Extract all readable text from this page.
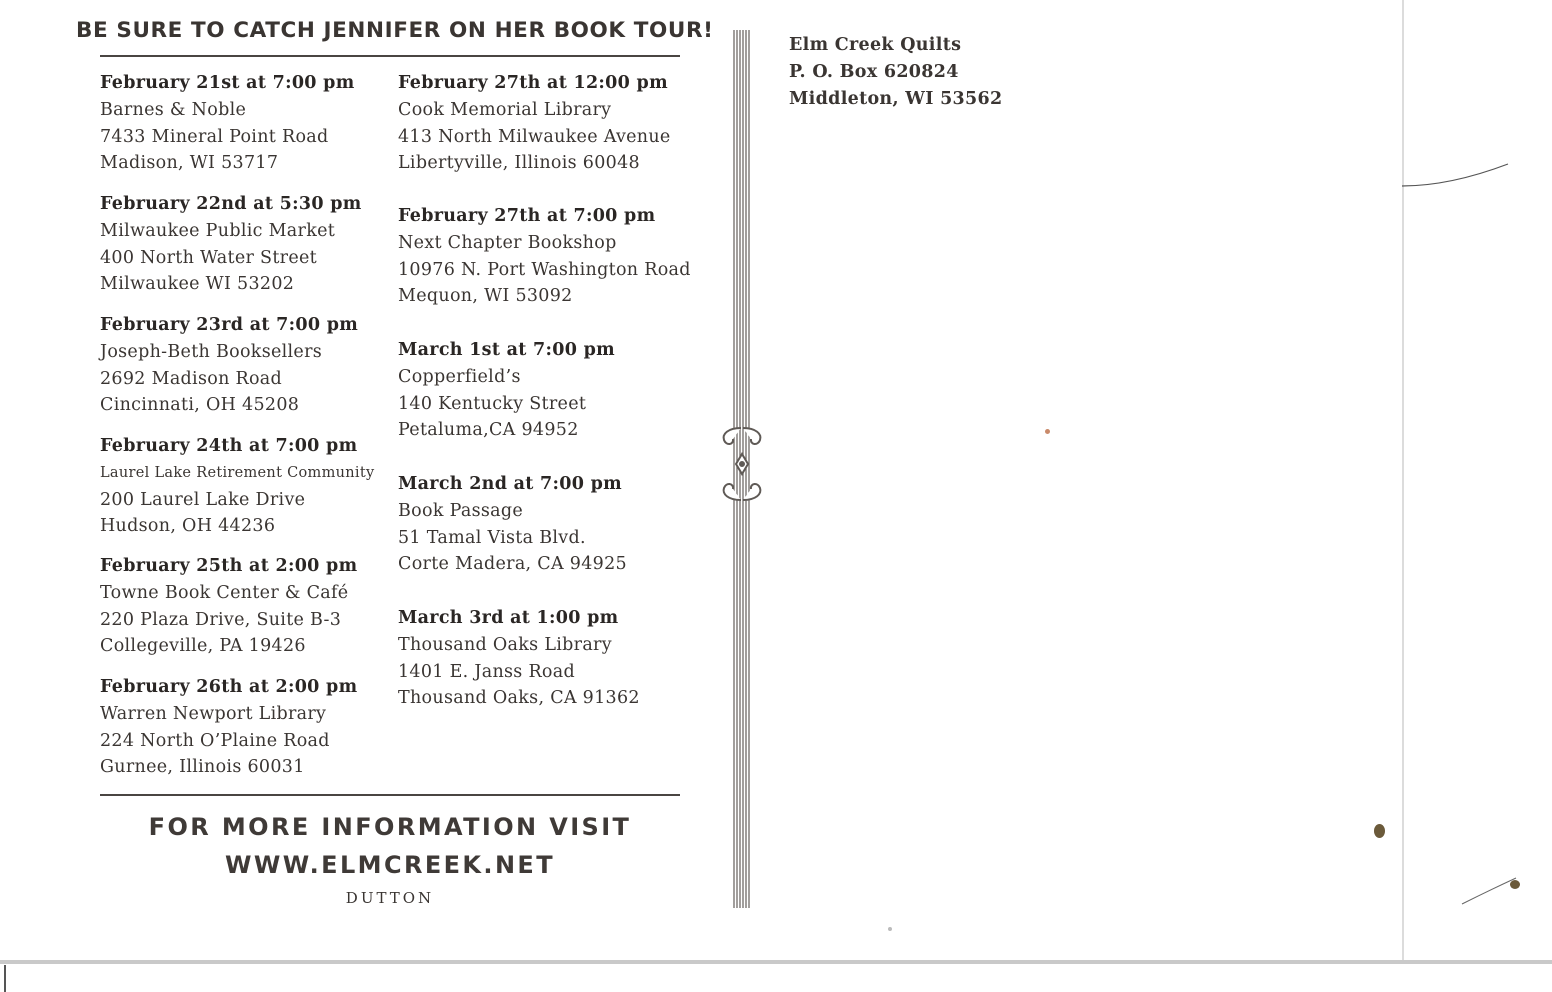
BE SURE TO CATCH JENNIFER ON HER BOOK TOUR!
February 21st at 7:00 pm
Barnes & Noble
7433 Mineral Point Road
Madison, WI 53717
February 22nd at 5:30 pm
Milwaukee Public Market
400 North Water Street
Milwaukee WI 53202
February 23rd at 7:00 pm
Joseph-Beth Booksellers
2692 Madison Road
Cincinnati, OH 45208
February 24th at 7:00 pm
Laurel Lake Retirement Community
200 Laurel Lake Drive
Hudson, OH 44236
February 25th at 2:00 pm
Towne Book Center & Café
220 Plaza Drive, Suite B-3
Collegeville, PA 19426
February 26th at 2:00 pm
Warren Newport Library
224 North O’Plaine Road
Gurnee, Illinois 60031
February 27th at 12:00 pm
Cook Memorial Library
413 North Milwaukee Avenue
Libertyville, Illinois 60048
February 27th at 7:00 pm
Next Chapter Bookshop
10976 N. Port Washington Road
Mequon, WI 53092
March 1st at 7:00 pm
Copperfield’s
140 Kentucky Street
Petaluma,CA 94952
March 2nd at 7:00 pm
Book Passage
51 Tamal Vista Blvd.
Corte Madera, CA 94925
March 3rd at 1:00 pm
Thousand Oaks Library
1401 E. Janss Road
Thousand Oaks, CA 91362
FOR MORE INFORMATION VISIT
WWW.ELMCREEK.NET
DUTTON
Elm Creek Quilts
P. O. Box 620824
Middleton, WI 53562
